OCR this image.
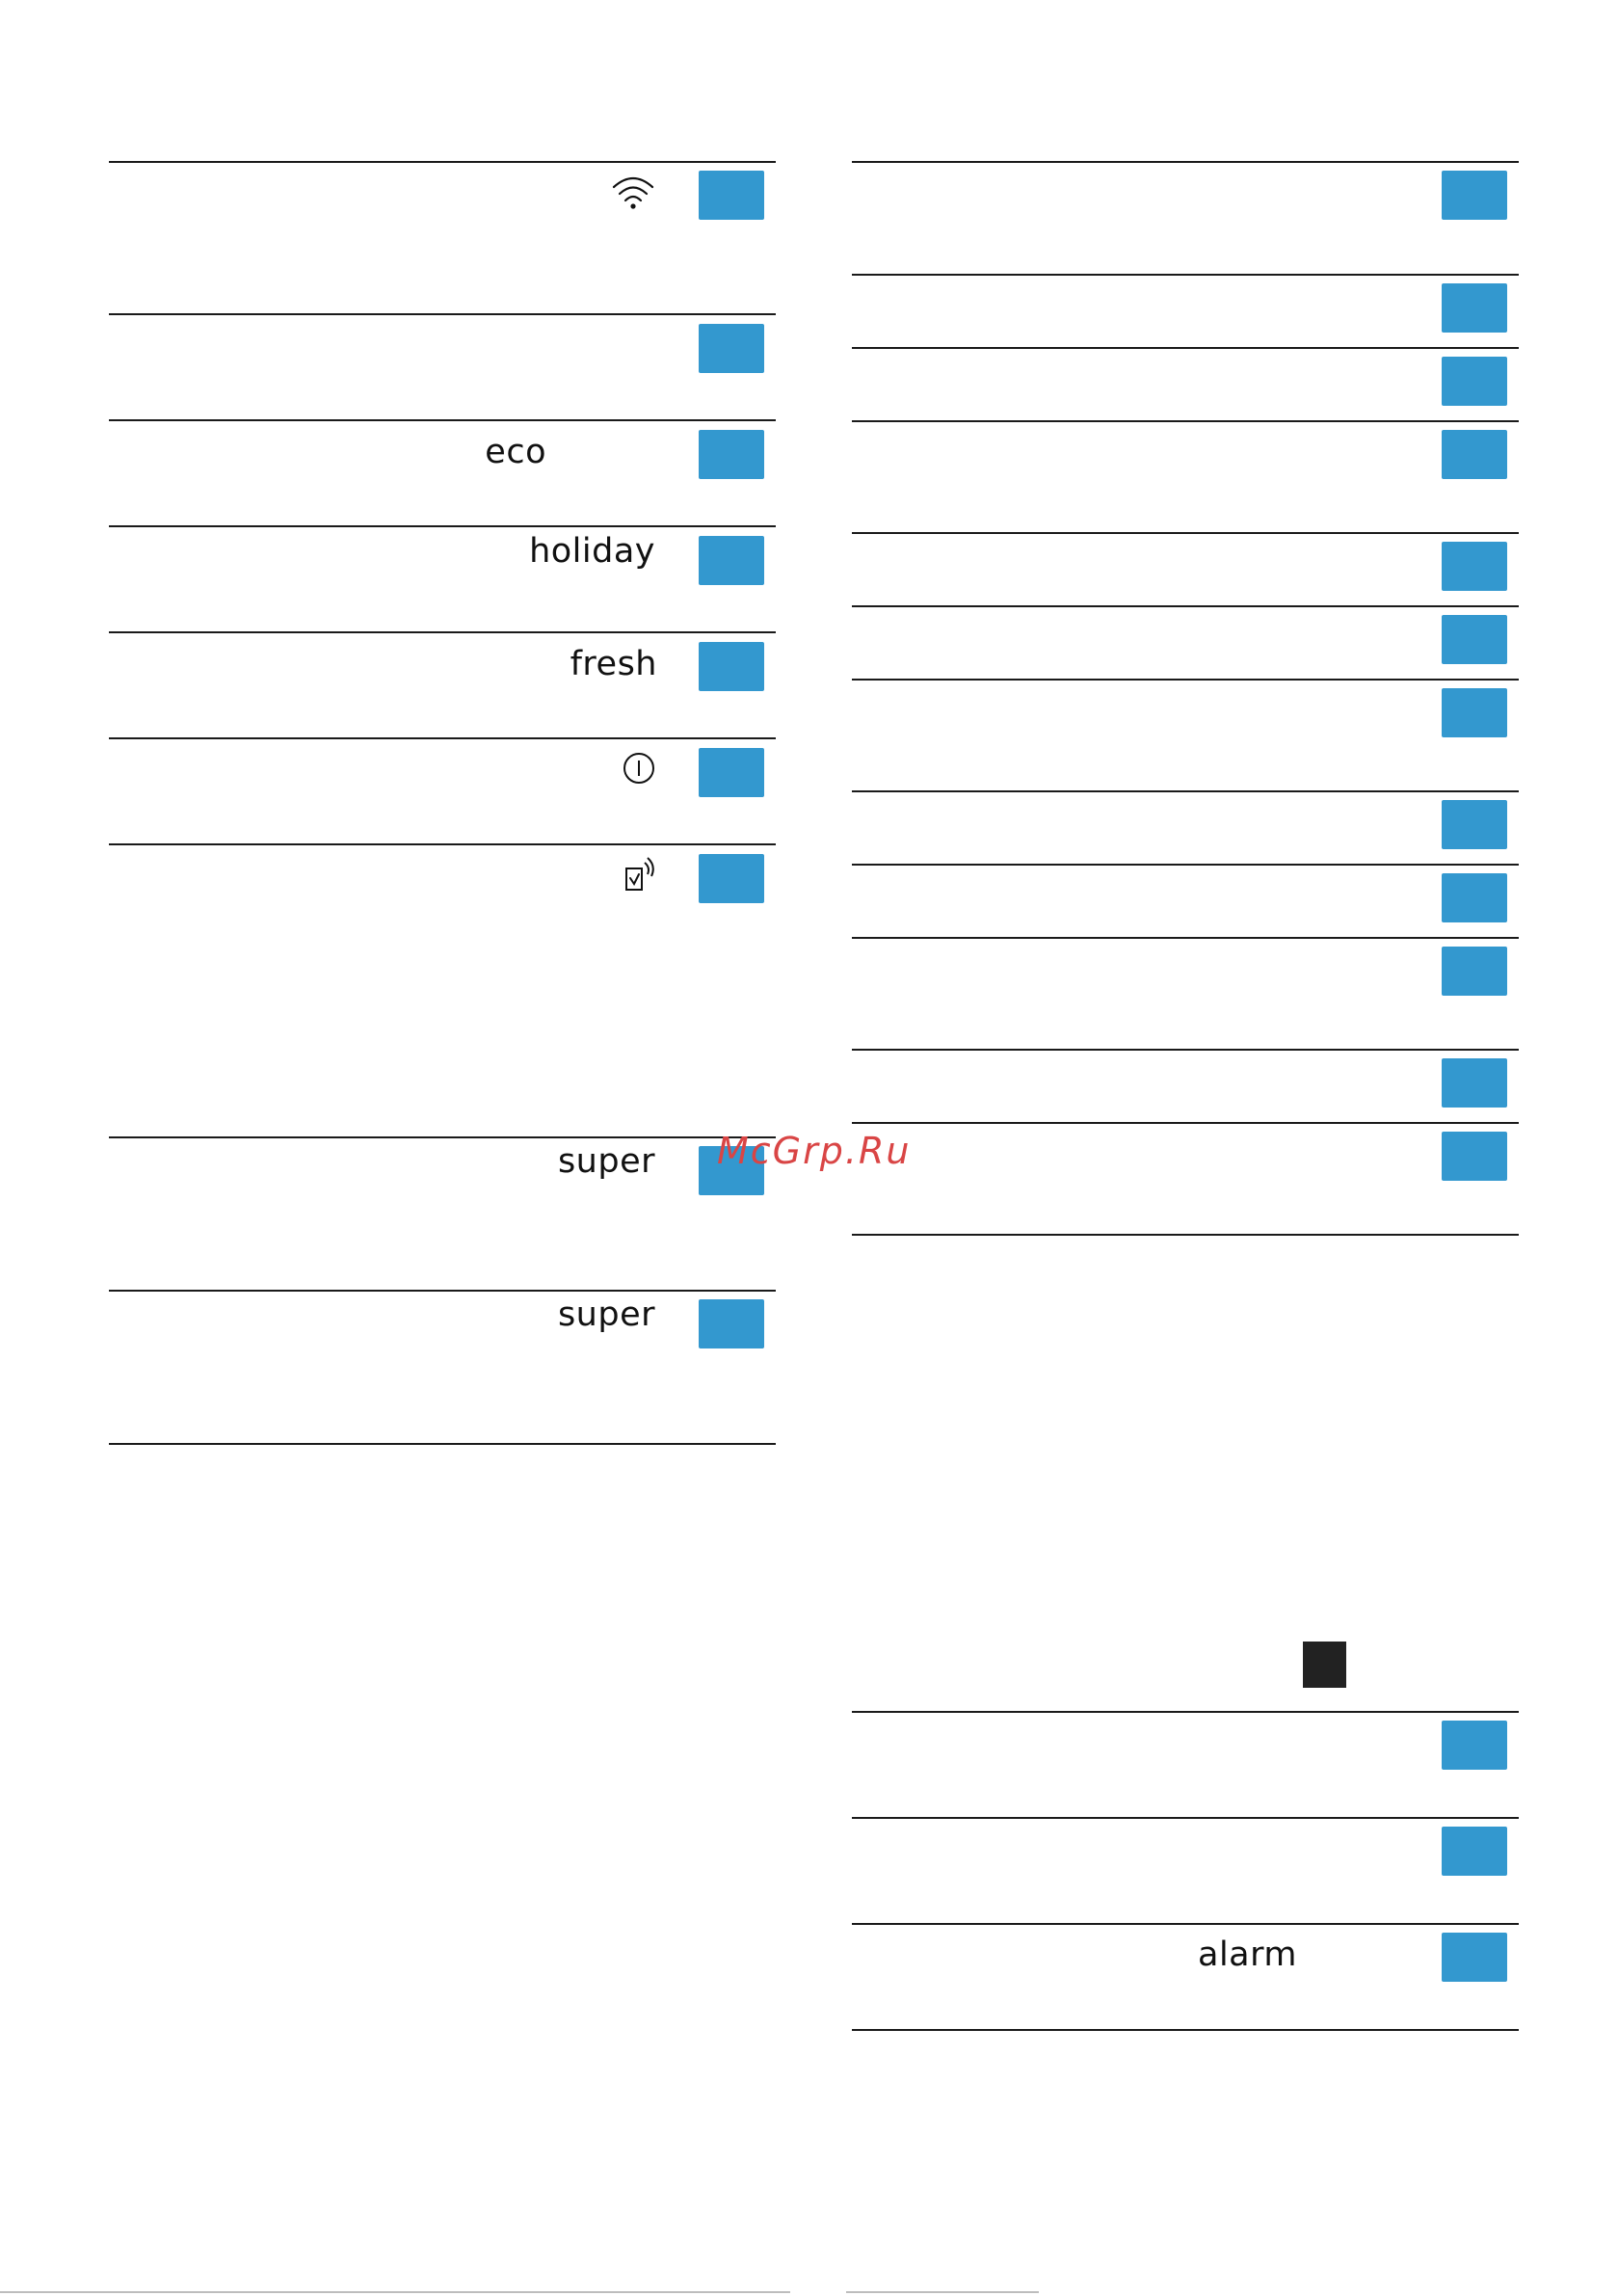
eco
holiday
fresh
super
super
McGrp.Ru
alarm
